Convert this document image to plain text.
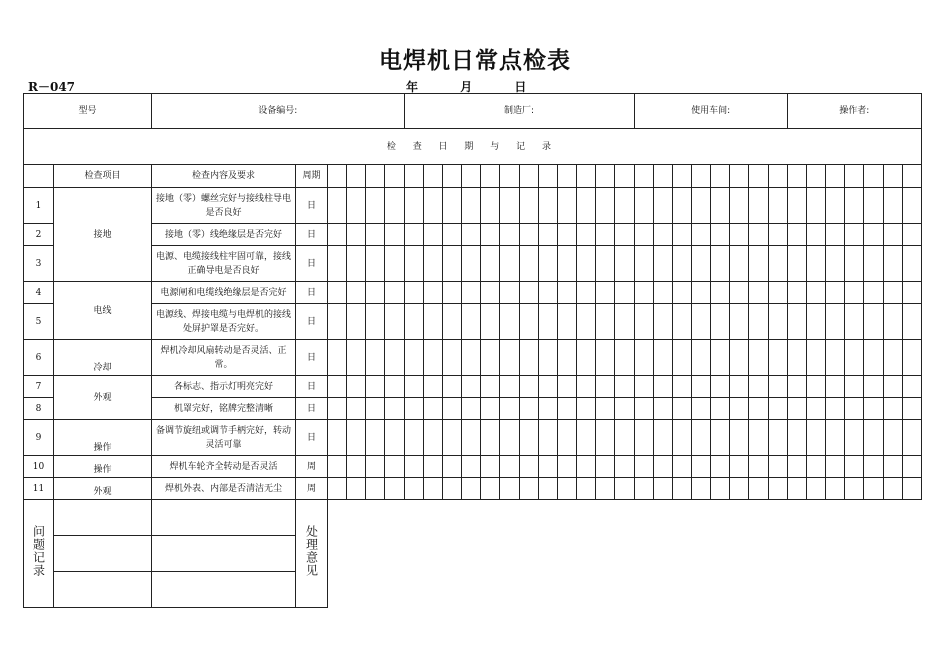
电焊机日常点检表
R－047	年	月	日
型号		设备编号:						制造厂:												使用车间:								操作者:						
检 查 日 期 与 记 录																																		
	检查项目	检查内容及要求	周期																															
1	接地	接地（零）螺丝完好与接线柱导电是否良好	日																															
2		接地（零）线绝缘层是否完好	日																															
3		电源、电缆接线柱牢固可靠，接线正确导电是否良好	日																															
4	电线	电源闸和电缆线绝缘层是否完好	日																															
5		电源线、焊接电缆与电焊机的接线处屏护罩是否完好。	日																															
6	冷却	焊机冷却风扇转动是否灵活、正常。	日																															
7	外观	各标志、指示灯明亮完好	日																															
8		机罩完好，铭牌完整清晰	日																															
9	操作	备调节旋纽或调节手柄完好，转动灵活可靠	日																															
10	操作	焊机车轮齐全转动是否灵活	周																															
11	外观	焊机外表、内部是否清洁无尘	周																															
问题记录			处理意见																															
